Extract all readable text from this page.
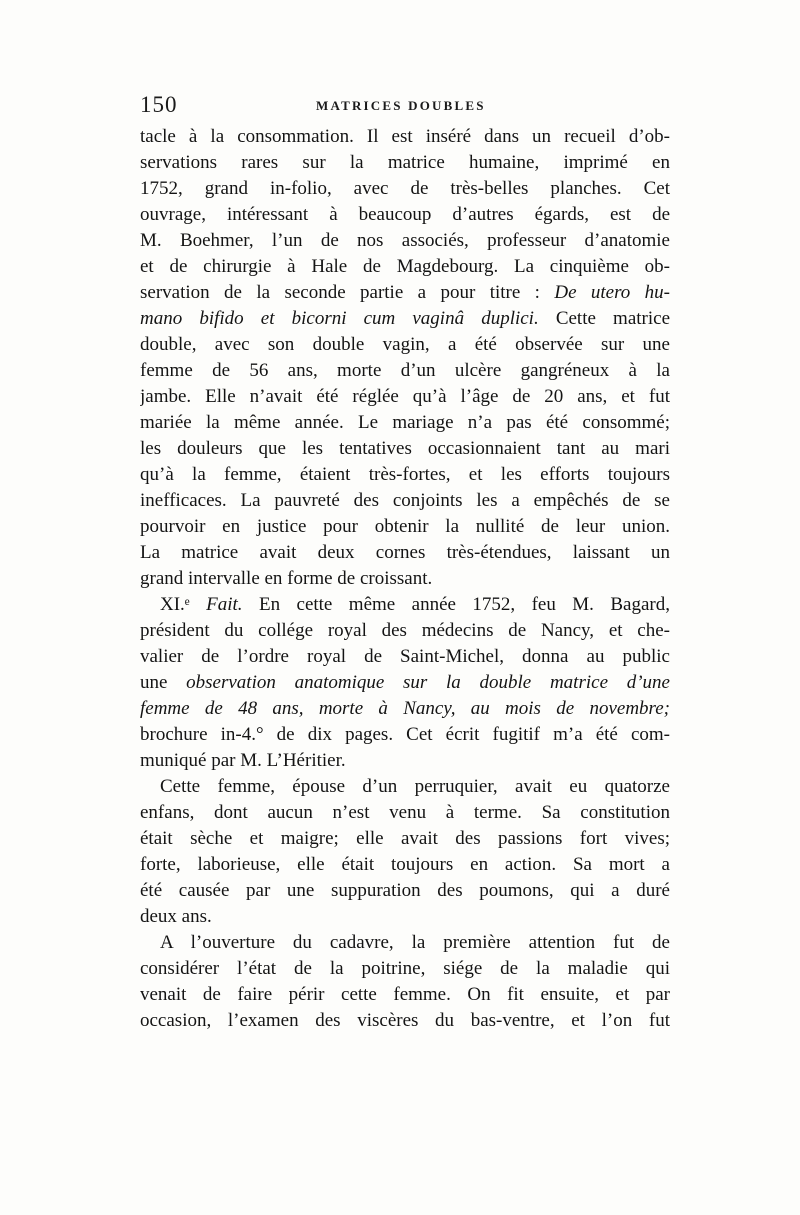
150	MATRICES DOUBLES
tacle à la consommation. Il est inséré dans un recueil d’ob-
servations rares sur la matrice humaine, imprimé en
1752, grand in-folio, avec de très-belles planches. Cet
ouvrage, intéressant à beaucoup d’autres égards, est de
M. Boehmer, l’un de nos associés, professeur d’anatomie
et de chirurgie à Hale de Magdebourg. La cinquième ob-
servation de la seconde partie a pour titre : De utero hu-
mano bifido et bicorni cum vaginâ duplici. Cette matrice
double, avec son double vagin, a été observée sur une
femme de 56 ans, morte d’un ulcère gangréneux à la
jambe. Elle n’avait été réglée qu’à l’âge de 20 ans, et fut
mariée la même année. Le mariage n’a pas été consommé;
les douleurs que les tentatives occasionnaient tant au mari
qu’à la femme, étaient très-fortes, et les efforts toujours
inefficaces. La pauvreté des conjoints les a empêchés de se
pourvoir en justice pour obtenir la nullité de leur union.
La matrice avait deux cornes très-étendues, laissant un
grand intervalle en forme de croissant.
XI.ᵉ Fait. En cette même année 1752, feu M. Bagard,
président du collége royal des médecins de Nancy, et che-
valier de l’ordre royal de Saint-Michel, donna au public
une observation anatomique sur la double matrice d’une
femme de 48 ans, morte à Nancy, au mois de novembre;
brochure in-4.° de dix pages. Cet écrit fugitif m’a été com-
muniqué par M. L’Héritier.
Cette femme, épouse d’un perruquier, avait eu quatorze
enfans, dont aucun n’est venu à terme. Sa constitution
était sèche et maigre; elle avait des passions fort vives;
forte, laborieuse, elle était toujours en action. Sa mort a
été causée par une suppuration des poumons, qui a duré
deux ans.
A l’ouverture du cadavre, la première attention fut de
considérer l’état de la poitrine, siége de la maladie qui
venait de faire périr cette femme. On fit ensuite, et par
occasion, l’examen des viscères du bas-ventre, et l’on fut
